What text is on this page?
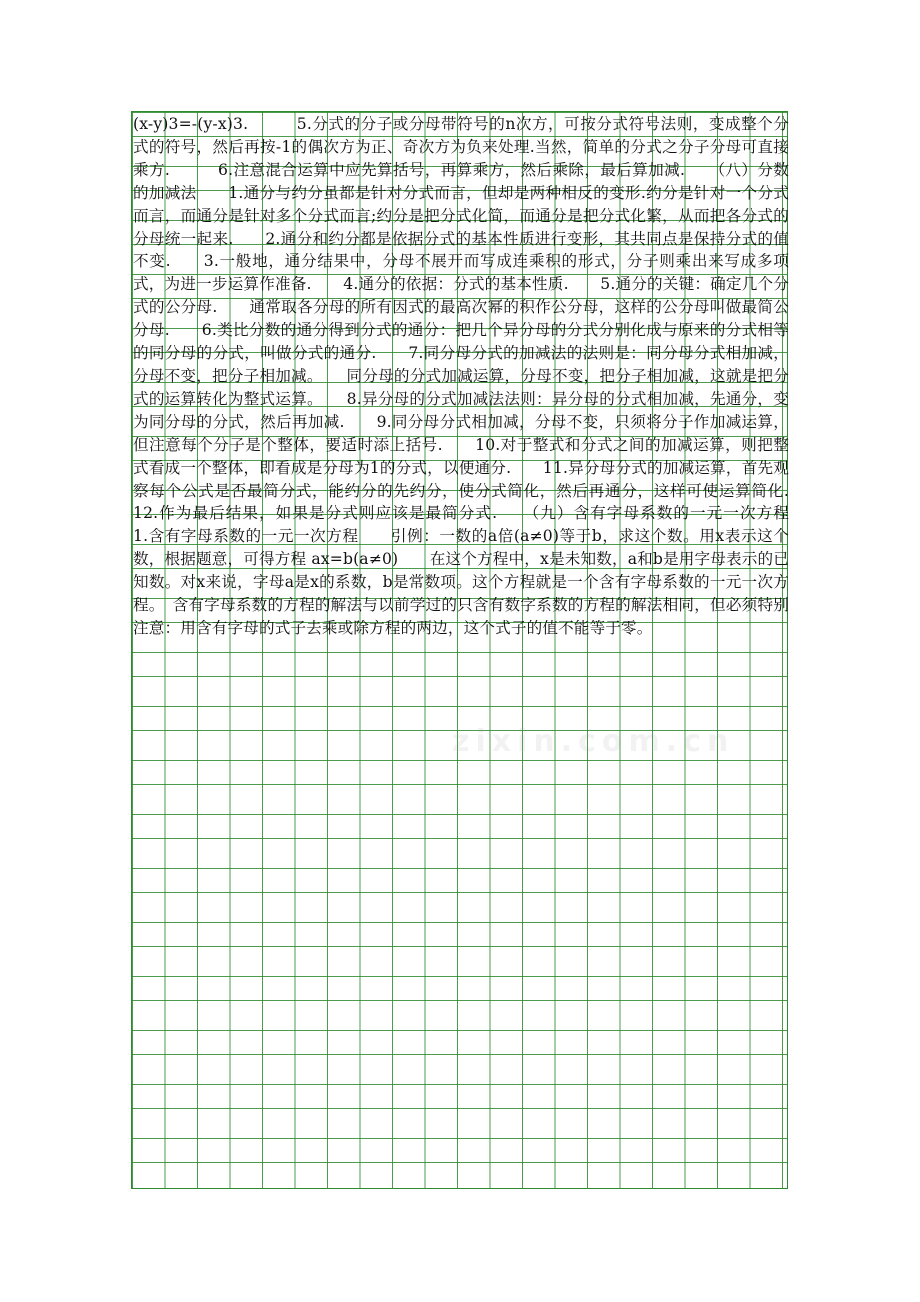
zixin.com.cn

(x-y)3=-(y-x)3.　　　5.分式的分子或分母带符号的n次方，可按分式符号法则，变成整个分式的符号，然后再按-1的偶次方为正、奇次方为负来处理.当然，简单的分式之分子分母可直接乘方.　　　6.注意混合运算中应先算括号，再算乘方，然后乘除，最后算加减.　　（八）分数的加减法　　1.通分与约分虽都是针对分式而言，但却是两种相反的变形.约分是针对一个分式而言，而通分是针对多个分式而言;约分是把分式化简，而通分是把分式化繁，从而把各分式的分母统一起来.　　2.通分和约分都是依据分式的基本性质进行变形，其共同点是保持分式的值不变.　　3.一般地，通分结果中，分母不展开而写成连乘积的形式，分子则乘出来写成多项式，为进一步运算作准备.　　4.通分的依据：分式的基本性质.　　5.通分的关键：确定几个分式的公分母.　　通常取各分母的所有因式的最高次幂的积作公分母，这样的公分母叫做最简公分母.　　6.类比分数的通分得到分式的通分：把几个异分母的分式分别化成与原来的分式相等的同分母的分式，叫做分式的通分.　　7.同分母分式的加减法的法则是：同分母分式相加减，分母不变，把分子相加减。　　同分母的分式加减运算，分母不变，把分子相加减，这就是把分式的运算转化为整式运算。　　8.异分母的分式加减法法则：异分母的分式相加减，先通分，变为同分母的分式，然后再加减.　　9.同分母分式相加减，分母不变，只须将分子作加减运算，但注意每个分子是个整体，要适时添上括号.　　10.对于整式和分式之间的加减运算，则把整式看成一个整体，即看成是分母为1的分式，以便通分.　　11.异分母分式的加减运算，首先观察每个公式是否最简分式，能约分的先约分，使分式简化，然后再通分，这样可使运算简化.　　12.作为最后结果，如果是分式则应该是最简分式.　　（九）含有字母系数的一元一次方程　　1.含有字母系数的一元一次方程　　引例：一数的a倍(a≠0)等于b，求这个数。用x表示这个数，根据题意，可得方程 ax=b(a≠0)　　在这个方程中，x是未知数，a和b是用字母表示的已知数。对x来说，字母a是x的系数，b是常数项。这个方程就是一个含有字母系数的一元一次方程。　含有字母系数的方程的解法与以前学过的只含有数字系数的方程的解法相同，但必须特别注意：用含有字母的式子去乘或除方程的两边，这个式子的值不能等于零。
